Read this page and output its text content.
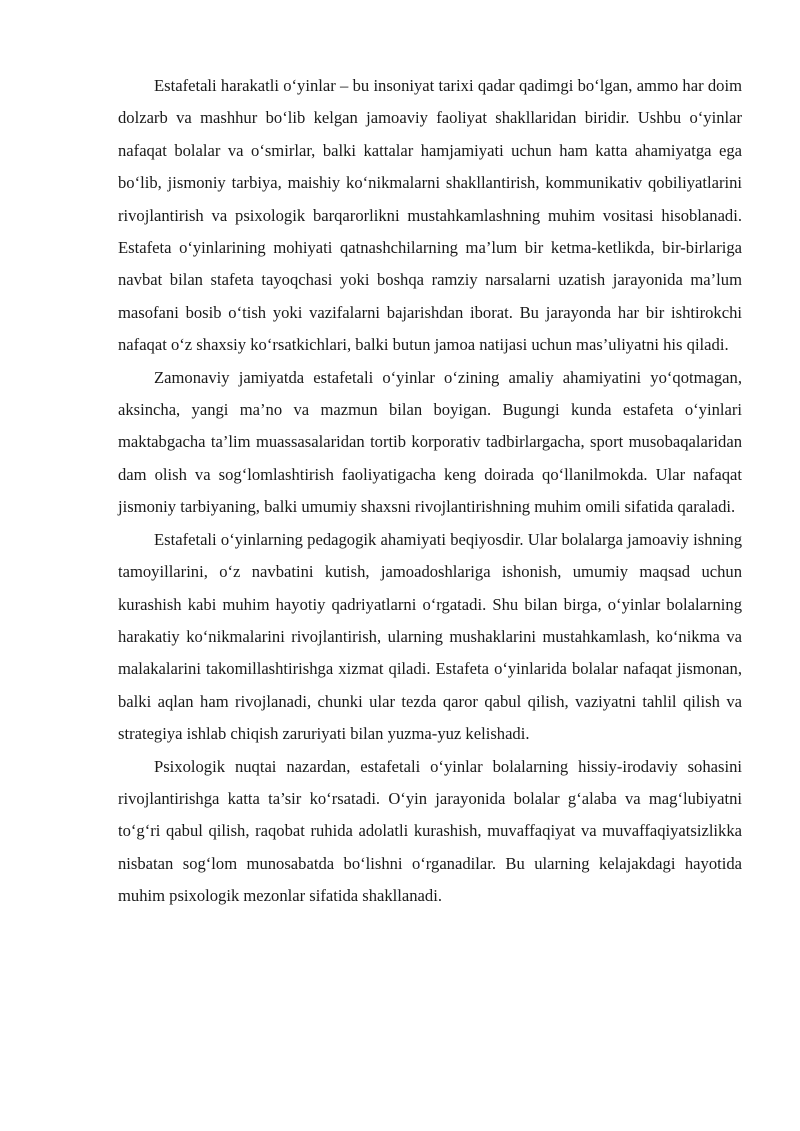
Estafetali harakatli o‘yinlar – bu insoniyat tarixi qadar qadimgi bo‘lgan, ammo har doim dolzarb va mashhur bo‘lib kelgan jamoaviy faoliyat shakllaridan biridir. Ushbu o‘yinlar nafaqat bolalar va o‘smirlar, balki kattalar hamjamiyati uchun ham katta ahamiyatga ega bo‘lib, jismoniy tarbiya, maishiy ko‘nikmalarni shakllantirish, kommunikativ qobiliyatlarini rivojlantirish va psixologik barqarorlikni mustahkamlashning muhim vositasi hisoblanadi. Estafeta o‘yinlarining mohiyati qatnashchilarning ma’lum bir ketma-ketlikda, bir-birlariga navbat bilan stafeta tayoqchasi yoki boshqa ramziy narsalarni uzatish jarayonida ma’lum masofani bosib o‘tish yoki vazifalarni bajarishdan iborat. Bu jarayonda har bir ishtirokchi nafaqat o‘z shaxsiy ko‘rsatkichlari, balki butun jamoa natijasi uchun mas’uliyatni his qiladi.

Zamonaviy jamiyatda estafetali o‘yinlar o‘zining amaliy ahamiyatini yo‘qotmagan, aksincha, yangi ma’no va mazmun bilan boyigan. Bugungi kunda estafeta o‘yinlari maktabgacha ta’lim muassasalaridan tortib korporativ tadbirlargacha, sport musobaqalaridan dam olish va sog‘lomlashtirish faoliyatigacha keng doirada qo‘llanilmokda. Ular nafaqat jismoniy tarbiyaning, balki umumiy shaxsni rivojlantirishning muhim omili sifatida qaraladi.

Estafetali o‘yinlarning pedagogik ahamiyati beqiyosdir. Ular bolalarga jamoaviy ishning tamoyillarini, o‘z navbatini kutish, jamoadoshlariga ishonish, umumiy maqsad uchun kurashish kabi muhim hayotiy qadriyatlarni o‘rgatadi. Shu bilan birga, o‘yinlar bolalarning harakatiy ko‘nikmalarini rivojlantirish, ularning mushaklarini mustahkamlash, ko‘nikma va malakalarini takomillashtirishga xizmat qiladi. Estafeta o‘yinlarida bolalar nafaqat jismonan, balki aqlan ham rivojlanadi, chunki ular tezda qaror qabul qilish, vaziyatni tahlil qilish va strategiya ishlab chiqish zaruriyati bilan yuzma-yuz kelishadi.

Psixologik nuqtai nazardan, estafetali o‘yinlar bolalarning hissiy-irodaviy sohasini rivojlantirishga katta ta’sir ko‘rsatadi. O‘yin jarayonida bolalar g‘alaba va mag‘lubiyatni to‘g‘ri qabul qilish, raqobat ruhida adolatli kurashish, muvaffaqiyat va muvaffaqiyatsizlikka nisbatan sog‘lom munosabatda bo‘lishni o‘rganadilar. Bu ularning kelajakdagi hayotida muhim psixologik mezonlar sifatida shakllanadi.
